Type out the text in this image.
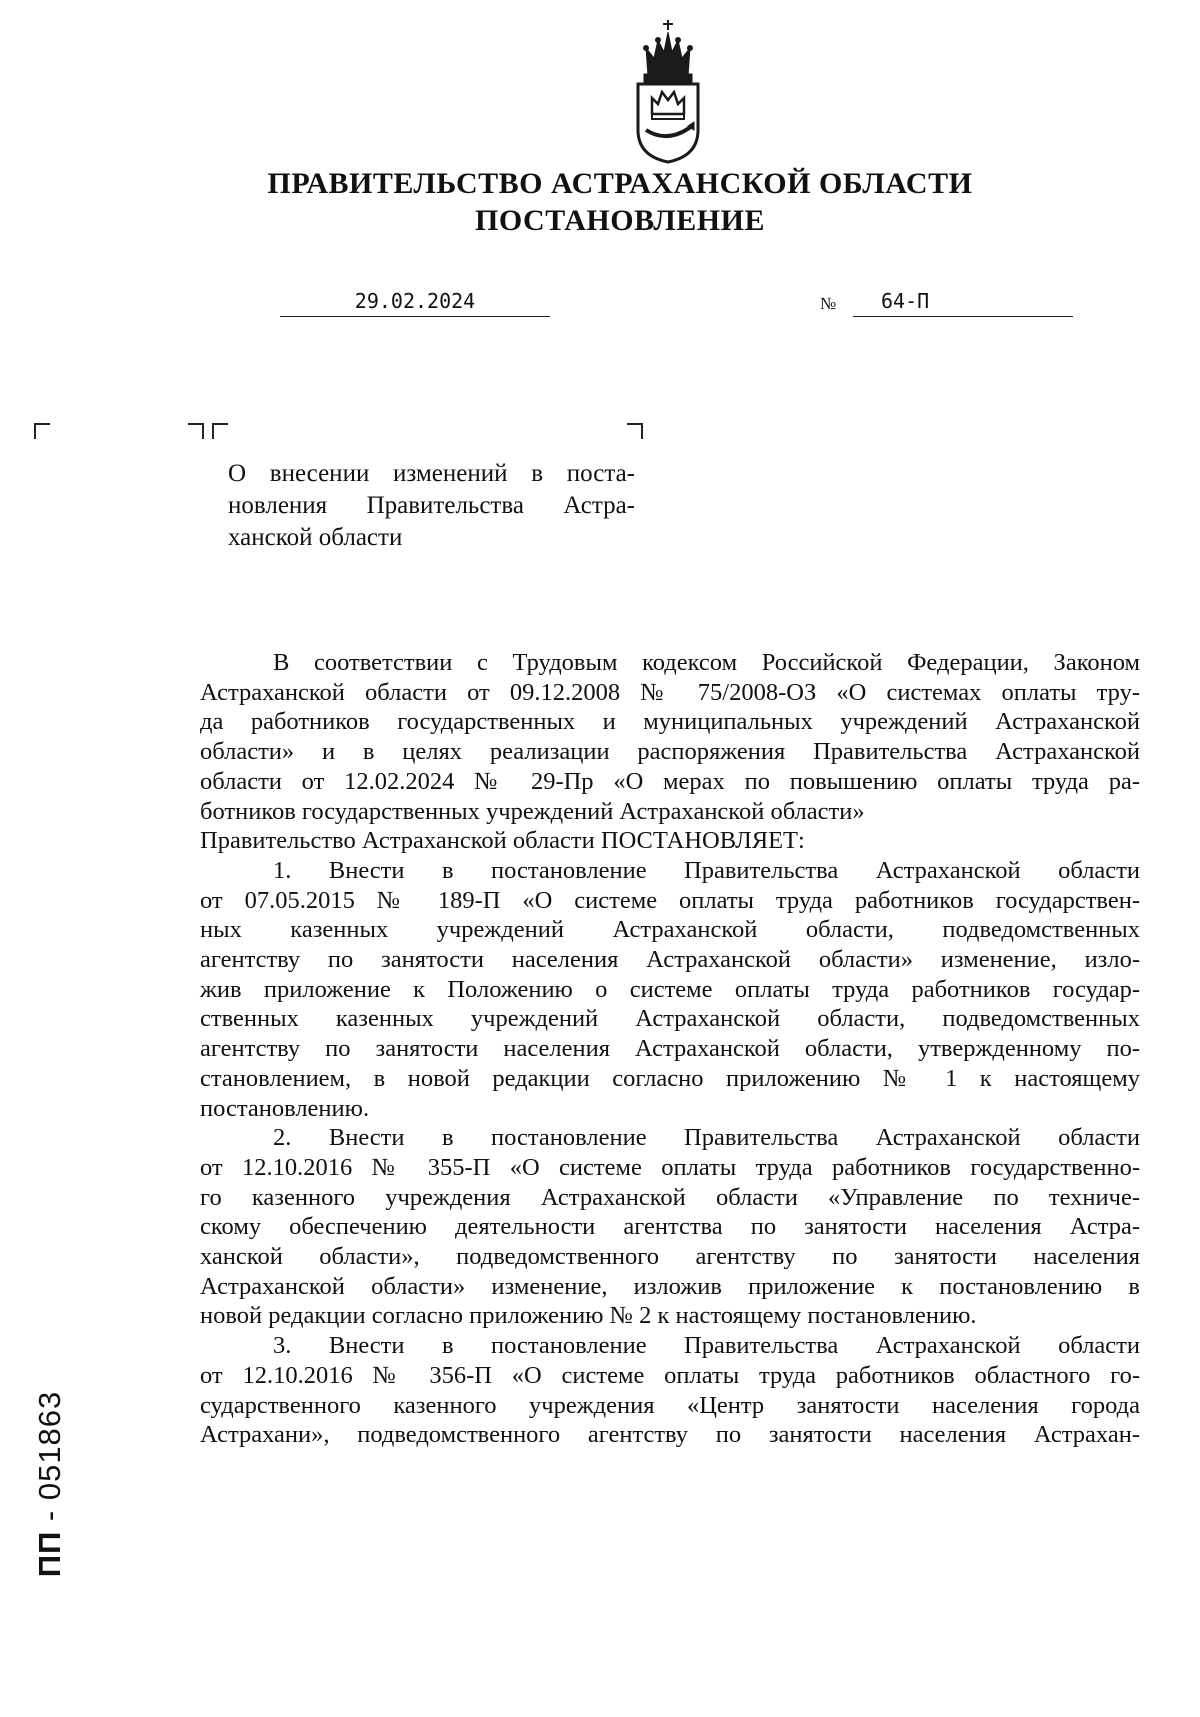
ПРАВИТЕЛЬСТВО АСТРАХАНСКОЙ ОБЛАСТИ
ПОСТАНОВЛЕНИЕ
29.02.2024	№	64-П
О внесении изменений в поста-
новления Правительства Астра-
ханской области
В соответствии с Трудовым кодексом Российской Федерации, Законом
Астраханской области от 09.12.2008 № 75/2008-ОЗ «О системах оплаты тру-
да работников государственных и муниципальных учреждений Астраханской
области» и в целях реализации распоряжения Правительства Астраханской
области от 12.02.2024 № 29-Пр «О мерах по повышению оплаты труда ра-
ботников государственных учреждений Астраханской области»
Правительство Астраханской области ПОСТАНОВЛЯЕТ:
1. Внести в постановление Правительства Астраханской области
от 07.05.2015 № 189-П «О системе оплаты труда работников государствен-
ных казенных учреждений Астраханской области, подведомственных
агентству по занятости населения Астраханской области» изменение, изло-
жив приложение к Положению о системе оплаты труда работников государ-
ственных казенных учреждений Астраханской области, подведомственных
агентству по занятости населения Астраханской области, утвержденному по-
становлением, в новой редакции согласно приложению № 1 к настоящему
постановлению.
2. Внести в постановление Правительства Астраханской области
от 12.10.2016 № 355-П «О системе оплаты труда работников государственно-
го казенного учреждения Астраханской области «Управление по техниче-
скому обеспечению деятельности агентства по занятости населения Астра-
ханской области», подведомственного агентству по занятости населения
Астраханской области» изменение, изложив приложение к постановлению в
новой редакции согласно приложению № 2 к настоящему постановлению.
3. Внести в постановление Правительства Астраханской области
от 12.10.2016 № 356-П «О системе оплаты труда работников областного го-
сударственного казенного учреждения «Центр занятости населения города
Астрахани», подведомственного агентству по занятости населения Астрахан-
ПП - 051863
